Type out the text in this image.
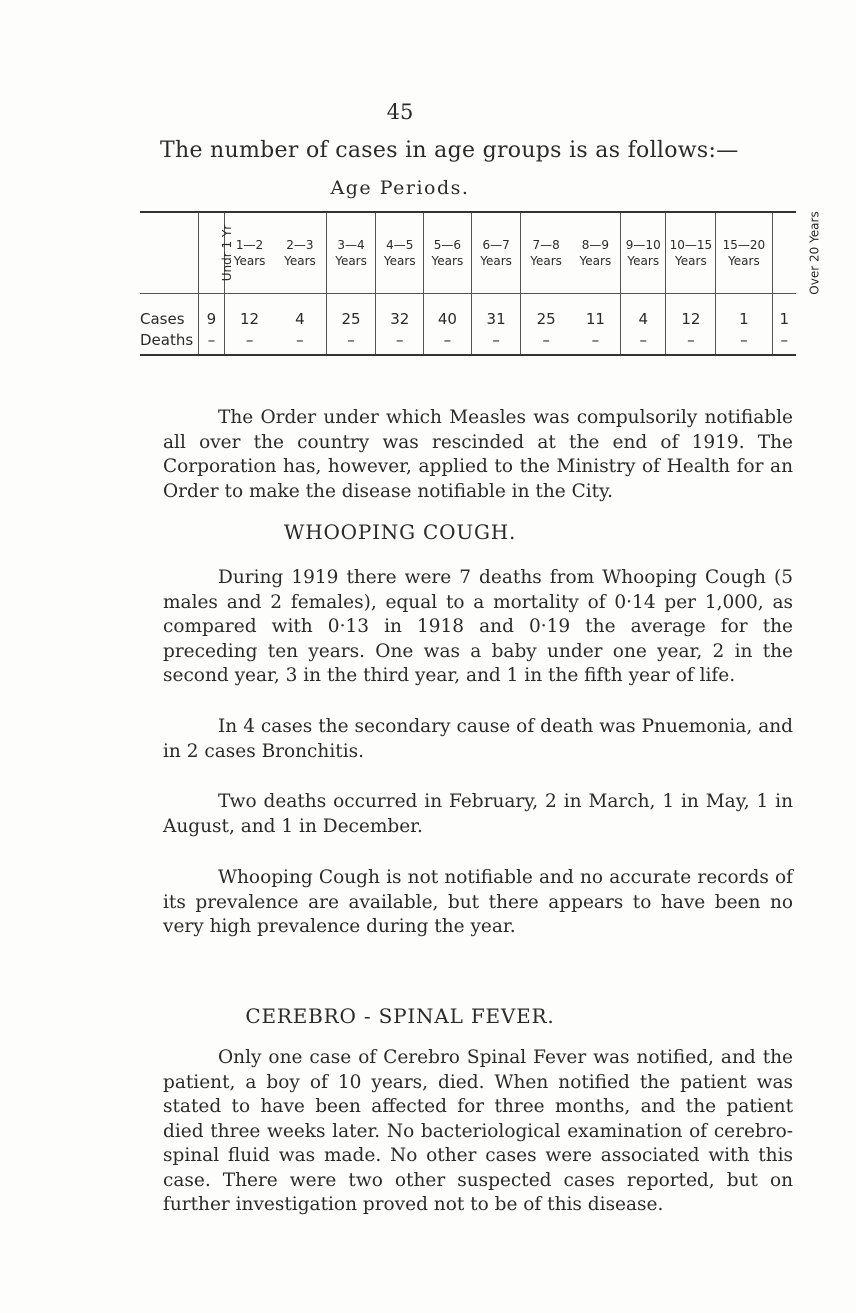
45
The number of cases in age groups is as follows:—
Age Periods.
	Undr 1 Yr	1—2 Years	2—3 Years	3—4 Years	4—5 Years	5—6 Years	6—7 Years	7—8 Years	8—9 Years	9—10 Years	10—15 Years	15—20 Years	Over 20 Years
Cases	9	12	4	25	32	40	31	25	11	4	12	1	1
Deaths	–	–	–	–	–	–	–	–	–	–	–	–	–

The Order under which Measles was compulsorily notifiable all over the country was rescinded at the end of 1919. The Corporation has, however, applied to the Ministry of Health for an Order to make the disease notifiable in the City.

WHOOPING COUGH.

During 1919 there were 7 deaths from Whooping Cough (5 males and 2 females), equal to a mortality of 0·14 per 1,000, as compared with 0·13 in 1918 and 0·19 the average for the preceding ten years. One was a baby under one year, 2 in the second year, 3 in the third year, and 1 in the fifth year of life.

In 4 cases the secondary cause of death was Pnuemonia, and in 2 cases Bronchitis.

Two deaths occurred in February, 2 in March, 1 in May, 1 in August, and 1 in December.

Whooping Cough is not notifiable and no accurate records of its prevalence are available, but there appears to have been no very high prevalence during the year.

CEREBRO - SPINAL FEVER.

Only one case of Cerebro Spinal Fever was notified, and the patient, a boy of 10 years, died. When notified the patient was stated to have been affected for three months, and the patient died three weeks later. No bacteriological examination of cerebro-spinal fluid was made. No other cases were associated with this case. There were two other suspected cases reported, but on further investigation proved not to be of this disease.
